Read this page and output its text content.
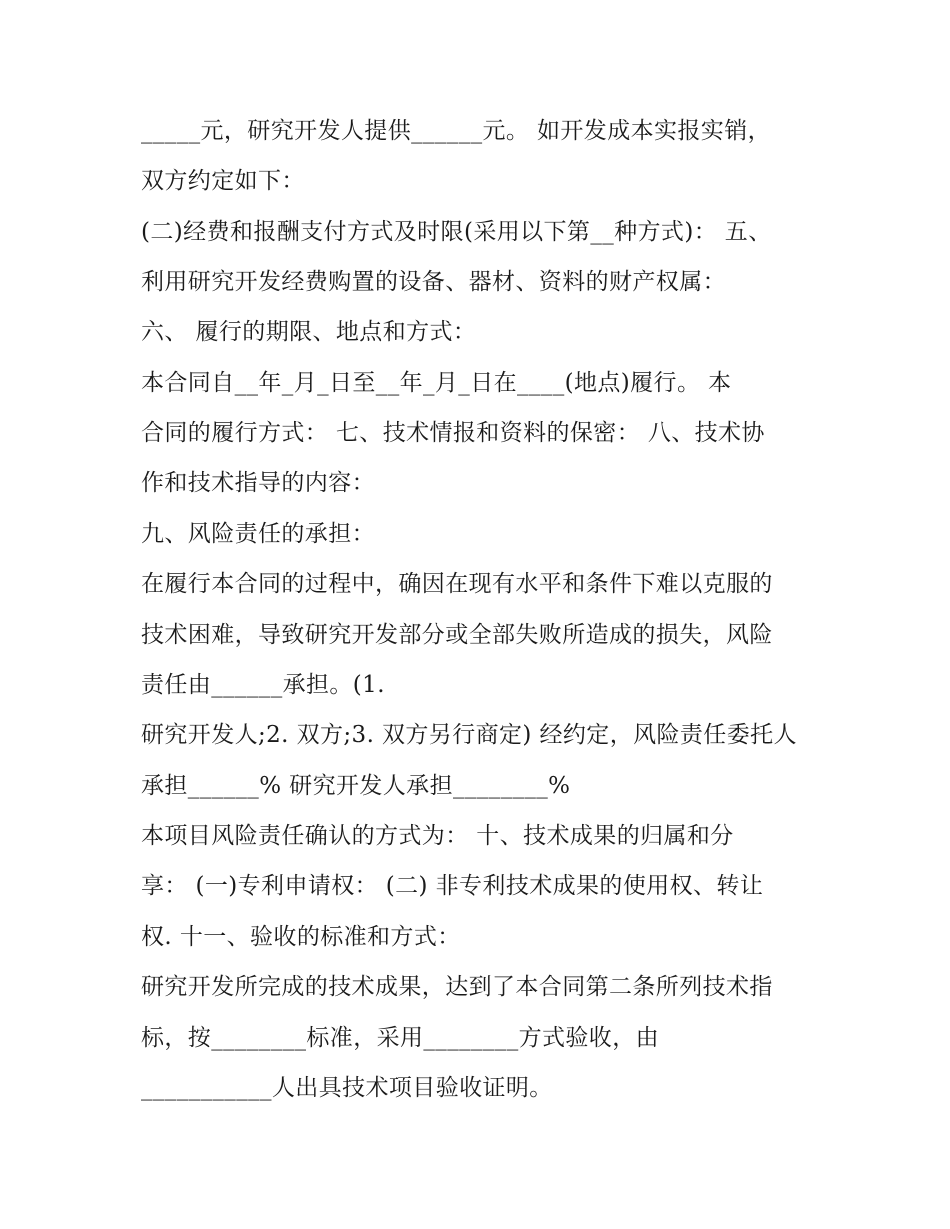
_____元，研究开发人提供______元。 如开发成本实报实销，
双方约定如下：
(二)经费和报酬支付方式及时限(采用以下第__种方式)： 五、
利用研究开发经费购置的设备、器材、资料的财产权属：
六、 履行的期限、地点和方式：
本合同自__年_月_日至__年_月_日在____(地点)履行。 本
合同的履行方式： 七、技术情报和资料的保密： 八、技术协
作和技术指导的内容：
九、风险责任的承担：
在履行本合同的过程中，确因在现有水平和条件下难以克服的
技术困难，导致研究开发部分或全部失败所造成的损失，风险
责任由______承担。(1.
研究开发人;2. 双方;3. 双方另行商定) 经约定，风险责任委托人
承担______% 研究开发人承担________%
本项目风险责任确认的方式为： 十、技术成果的归属和分
享： (一)专利申请权： (二) 非专利技术成果的使用权、转让
权. 十一、验收的标准和方式：
研究开发所完成的技术成果，达到了本合同第二条所列技术指
标，按________标准，采用________方式验收，由
___________人出具技术项目验收证明。
